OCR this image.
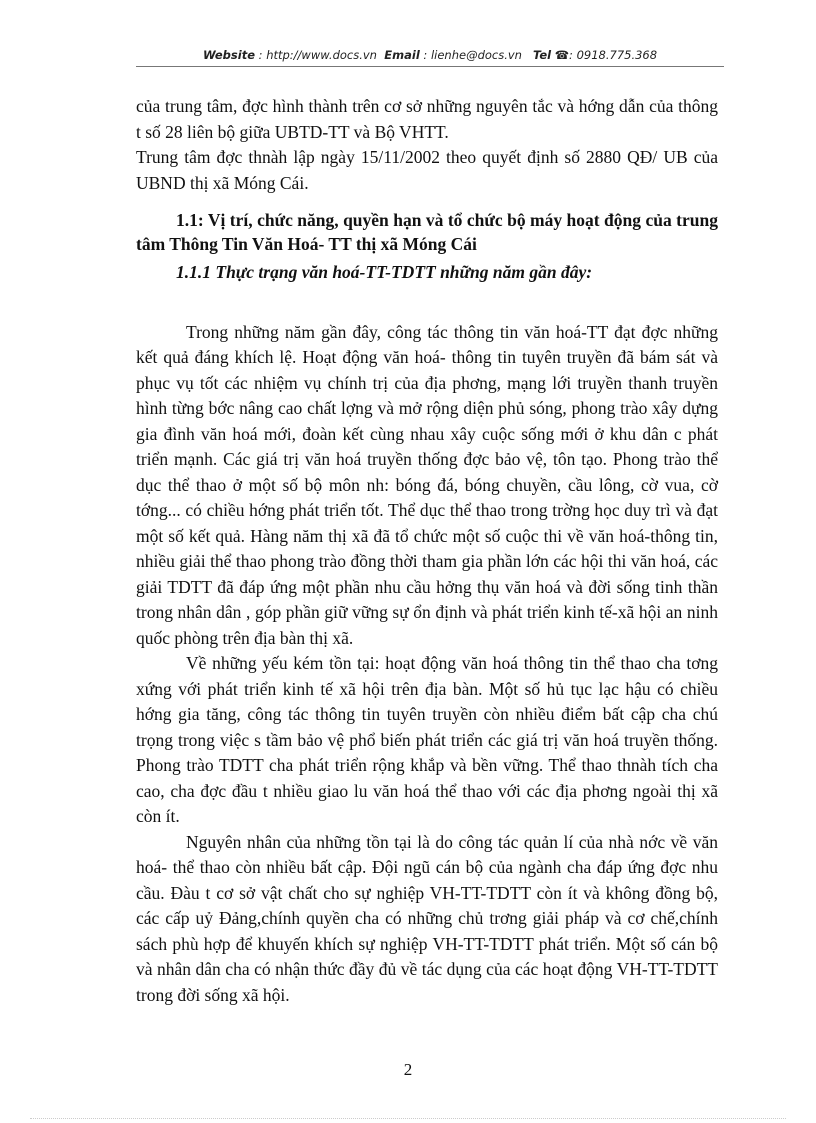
Website : http://www.docs.vn Email : lienhe@docs.vn Tel ☎: 0918.775.368

của trung tâm, đợc hình thành trên cơ sở những nguyên tắc và hớng dẫn của thông t số 28 liên bộ giữa UBTD-TT và Bộ VHTT.

Trung tâm đợc thnàh lập ngày 15/11/2002 theo quyết định số 2880 QĐ/ UB của UBND thị xã Móng Cái.

1.1: Vị trí, chức năng, quyền hạn và tổ chức bộ máy hoạt động của trung tâm Thông Tin Văn Hoá- TT thị xã Móng Cái

1.1.1 Thực trạng văn hoá-TT-TDTT những năm gần đây:

Trong những năm gần đây, công tác thông tin văn hoá-TT đạt đợc những kết quả đáng khích lệ. Hoạt động văn hoá- thông tin tuyên truyền đã bám sát và phục vụ tốt các nhiệm vụ chính trị của địa phơng, mạng lới truyền thanh truyền hình từng bớc nâng cao chất lợng và mở rộng diện phủ sóng, phong trào xây dựng gia đình văn hoá mới, đoàn kết cùng nhau xây cuộc sống mới ở khu dân c phát triển mạnh. Các giá trị văn hoá truyền thống đợc bảo vệ, tôn tạo. Phong trào thể dục thể thao ở một số bộ môn nh: bóng đá, bóng chuyền, cầu lông, cờ vua, cờ tớng... có chiều hớng phát triển tốt. Thể dục thể thao trong trờng học duy trì và đạt một số kết quả. Hàng năm thị xã đã tổ chức một số cuộc thi về văn hoá-thông tin, nhiều giải thể thao phong trào đồng thời tham gia phần lớn các hội thi văn hoá, các giải TDTT đã đáp ứng một phần nhu cầu hởng thụ văn hoá và đời sống tinh thần trong nhân dân , góp phần giữ vững sự ổn định và phát triển kinh tế-xã hội an ninh quốc phòng trên địa bàn thị xã.

Về những yếu kém tồn tại: hoạt động văn hoá thông tin thể thao cha tơng xứng với phát triển kinh tế xã hội trên địa bàn. Một số hủ tục lạc hậu có chiều hớng gia tăng, công tác thông tin tuyên truyền còn nhiều điểm bất cập cha chú trọng trong việc s tầm bảo vệ phổ biến phát triển các giá trị văn hoá truyền thống. Phong trào TDTT cha phát triển rộng khắp và bền vững. Thể thao thnàh tích cha cao, cha đợc đầu t nhiều giao lu văn hoá thể thao với các địa phơng ngoài thị xã còn ít.

Nguyên nhân của những tồn tại là do công tác quản lí của nhà nớc về văn hoá- thể thao còn nhiều bất cập. Đội ngũ cán bộ của ngành cha đáp ứng đợc nhu cầu. Đàu t cơ sở vật chất cho sự nghiệp VH-TT-TDTT còn ít và không đồng bộ, các cấp uỷ Đảng,chính quyền cha có những chủ trơng giải pháp và cơ chế,chính sách phù hợp để khuyến khích sự nghiệp VH-TT-TDTT phát triển. Một số cán bộ và nhân dân cha có nhận thức đầy đủ về tác dụng của các hoạt động VH-TT-TDTT trong đời sống xã hội.

2
